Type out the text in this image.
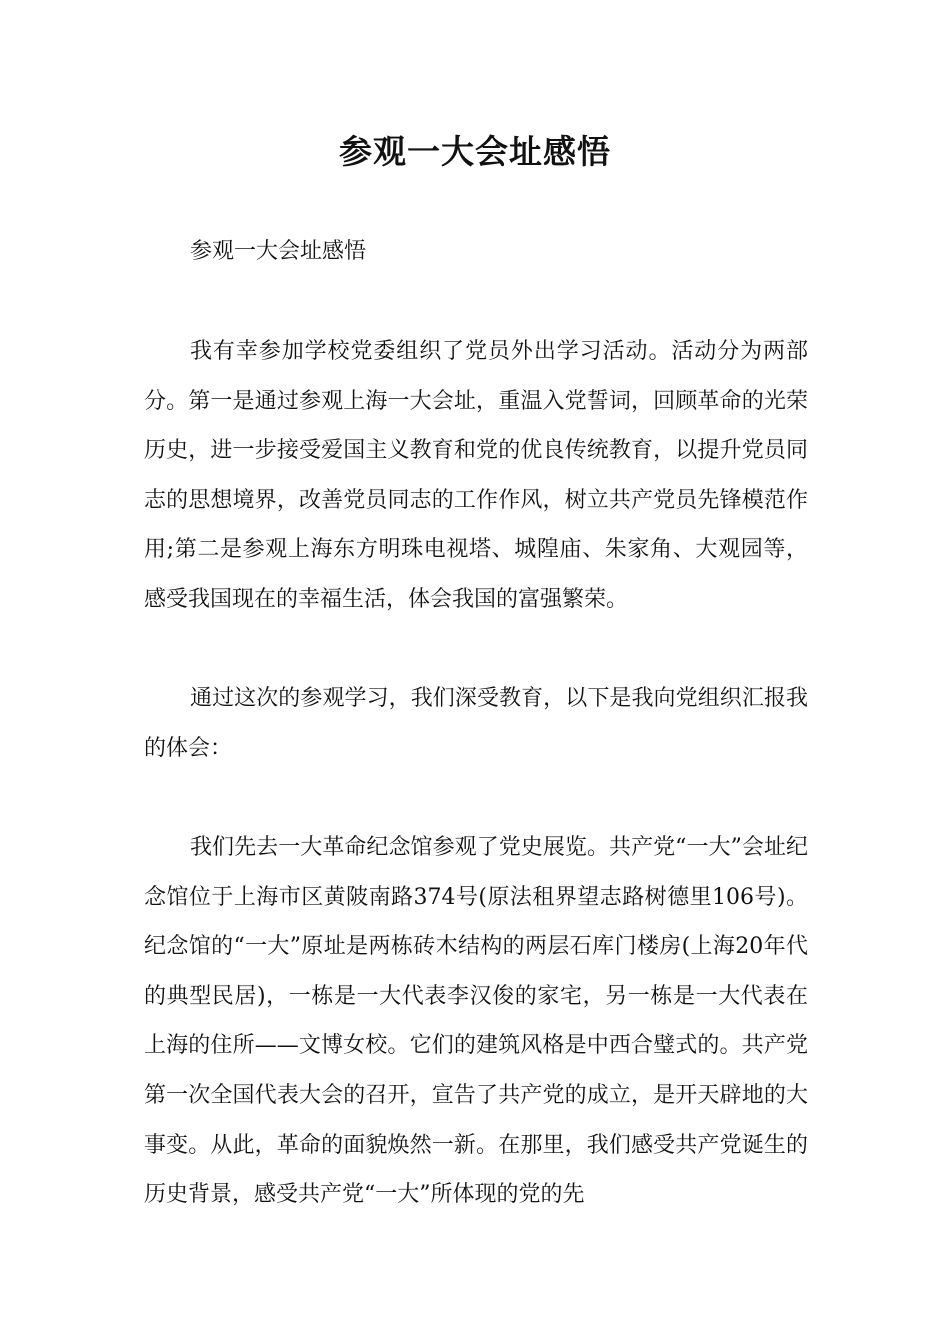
参观一大会址感悟

参观一大会址感悟

我有幸参加学校党委组织了党员外出学习活动。活动分为两部分。第一是通过参观上海一大会址，重温入党誓词，回顾革命的光荣历史，进一步接受爱国主义教育和党的优良传统教育，以提升党员同志的思想境界，改善党员同志的工作作风，树立共产党员先锋模范作用;第二是参观上海东方明珠电视塔、城隍庙、朱家角、大观园等，感受我国现在的幸福生活，体会我国的富强繁荣。

通过这次的参观学习，我们深受教育，以下是我向党组织汇报我的体会：

我们先去一大革命纪念馆参观了党史展览。共产党“一大”会址纪念馆位于上海市区黄陂南路374号(原法租界望志路树德里106号)。纪念馆的“一大”原址是两栋砖木结构的两层石库门楼房(上海20年代的典型民居)，一栋是一大代表李汉俊的家宅，另一栋是一大代表在上海的住所——文博女校。它们的建筑风格是中西合璧式的。共产党第一次全国代表大会的召开，宣告了共产党的成立，是开天辟地的大事变。从此，革命的面貌焕然一新。在那里，我们感受共产党诞生的历史背景，感受共产党“一大”所体现的党的先
